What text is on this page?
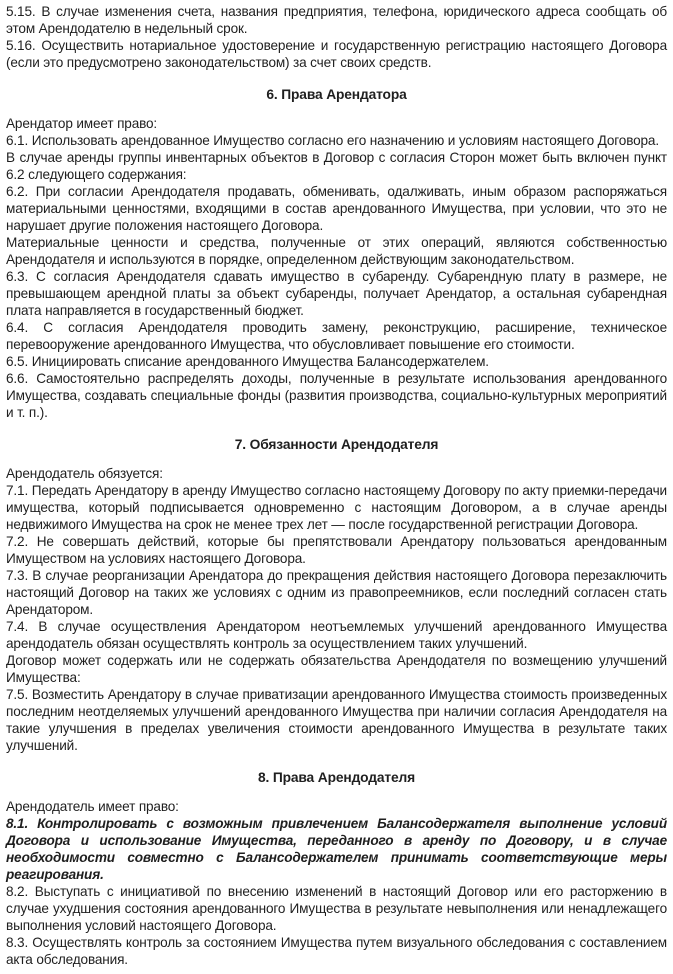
5.15. В случае изменения счета, названия предприятия, телефона, юридического адреса сообщать об этом Арендодателю в недельный срок.

5.16. Осуществить нотариальное удостоверение и государственную регистрацию настоящего Договора (если это предусмотрено законодательством) за счет своих средств.

6. Права Арендатора

Арендатор имеет право:

6.1. Использовать арендованное Имущество согласно его назначению и условиям настоящего Договора.

В случае аренды группы инвентарных объектов в Договор с согласия Сторон может быть включен пункт 6.2 следующего содержания:

6.2. При согласии Арендодателя продавать, обменивать, одалживать, иным образом распоряжаться материальными ценностями, входящими в состав арендованного Имущества, при условии, что это не нарушает другие положения настоящего Договора.

Материальные ценности и средства, полученные от этих операций, являются собственностью Арендодателя и используются в порядке, определенном действующим законодательством.

6.3. С согласия Арендодателя сдавать имущество в субаренду. Субарендную плату в размере, не превышающем арендной платы за объект субаренды, получает Арендатор, а остальная субарендная плата направляется в государственный бюджет.

6.4. С согласия Арендодателя проводить замену, реконструкцию, расширение, техническое перевооружение арендованного Имущества, что обусловливает повышение его стоимости.

6.5. Инициировать списание арендованного Имущества Балансодержателем.

6.6. Самостоятельно распределять доходы, полученные в результате использования арендованного Имущества, создавать специальные фонды (развития производства, социально-культурных мероприятий и т. п.).

7. Обязанности Арендодателя

Арендодатель обязуется:

7.1. Передать Арендатору в аренду Имущество согласно настоящему Договору по акту приемки-передачи имущества, который подписывается одновременно с настоящим Договором, а в случае аренды недвижимого Имущества на срок не менее трех лет — после государственной регистрации Договора.

7.2. Не совершать действий, которые бы препятствовали Арендатору пользоваться арендованным Имуществом на условиях настоящего Договора.

7.3. В случае реорганизации Арендатора до прекращения действия настоящего Договора перезаключить настоящий Договор на таких же условиях с одним из правопреемников, если последний согласен стать Арендатором.

7.4. В случае осуществления Арендатором неотъемлемых улучшений арендованного Имущества арендодатель обязан осуществлять контроль за осуществлением таких улучшений.

Договор может содержать или не содержать обязательства Арендодателя по возмещению улучшений Имущества:

7.5. Возместить Арендатору в случае приватизации арендованного Имущества стоимость произведенных последним неотделяемых улучшений арендованного Имущества при наличии согласия Арендодателя на такие улучшения в пределах увеличения стоимости арендованного Имущества в результате таких улучшений.

8. Права Арендодателя

Арендодатель имеет право:

8.1. Контролировать с возможным привлечением Балансодержателя выполнение условий Договора и использование Имущества, переданного в аренду по Договору, и в случае необходимости совместно с Балансодержателем принимать соответствующие меры реагирования.

8.2. Выступать с инициативой по внесению изменений в настоящий Договор или его расторжению в случае ухудшения состояния арендованного Имущества в результате невыполнения или ненадлежащего выполнения условий настоящего Договора.

8.3. Осуществлять контроль за состоянием Имущества путем визуального обследования с составлением акта обследования.
